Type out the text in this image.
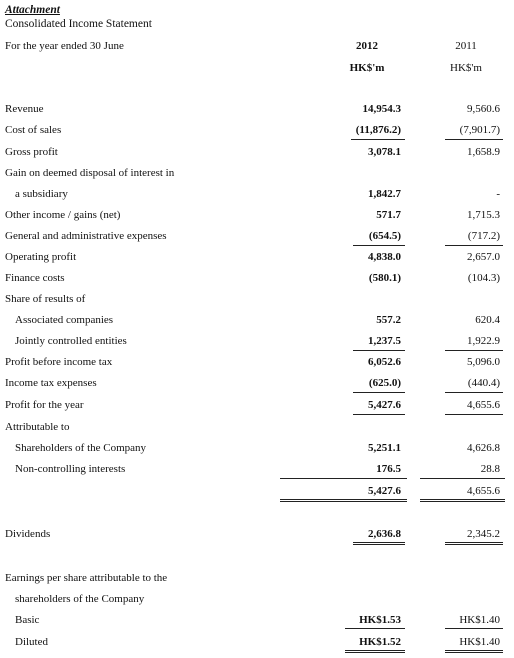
Attachment
Consolidated Income Statement
For the year ended 30 June	2012	2011
HK$'m	HK$'m
Revenue	14,954.3	9,560.6
Cost of sales	(11,876.2)	(7,901.7)
Gross profit	3,078.1	1,658.9
Gain on deemed disposal of interest in
a subsidiary	1,842.7	-
Other income / gains (net)	571.7	1,715.3
General and administrative expenses	(654.5)	(717.2)
Operating profit	4,838.0	2,657.0
Finance costs	(580.1)	(104.3)
Share of results of
Associated companies	557.2	620.4
Jointly controlled entities	1,237.5	1,922.9
Profit before income tax	6,052.6	5,096.0
Income tax expenses	(625.0)	(440.4)
Profit for the year	5,427.6	4,655.6
Attributable to
Shareholders of the Company	5,251.1	4,626.8
Non-controlling interests	176.5	28.8
5,427.6	4,655.6
Dividends	2,636.8	2,345.2
Earnings per share attributable to the
shareholders of the Company
Basic	HK$1.53	HK$1.40
Diluted	HK$1.52	HK$1.40
